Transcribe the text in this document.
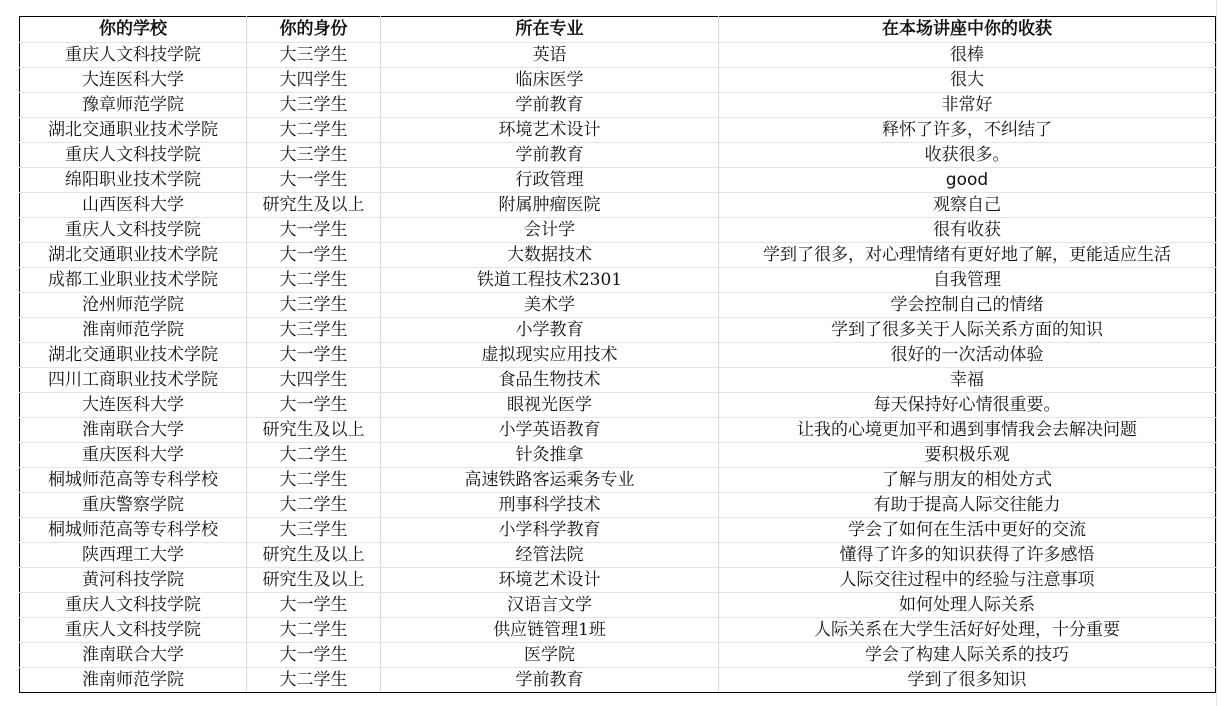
你的学校	你的身份	所在专业	在本场讲座中你的收获
重庆人文科技学院	大三学生	英语	很棒
大连医科大学	大四学生	临床医学	很大
豫章师范学院	大三学生	学前教育	非常好
湖北交通职业技术学院	大二学生	环境艺术设计	释怀了许多，不纠结了
重庆人文科技学院	大三学生	学前教育	收获很多。
绵阳职业技术学院	大一学生	行政管理	good
山西医科大学	研究生及以上	附属肿瘤医院	观察自己
重庆人文科技学院	大一学生	会计学	很有收获
湖北交通职业技术学院	大一学生	大数据技术	学到了很多，对心理情绪有更好地了解，更能适应生活
成都工业职业技术学院	大二学生	铁道工程技术2301	自我管理
沧州师范学院	大三学生	美术学	学会控制自己的情绪
淮南师范学院	大三学生	小学教育	学到了很多关于人际关系方面的知识
湖北交通职业技术学院	大一学生	虚拟现实应用技术	很好的一次活动体验
四川工商职业技术学院	大四学生	食品生物技术	幸福
大连医科大学	大一学生	眼视光医学	每天保持好心情很重要。
淮南联合大学	研究生及以上	小学英语教育	让我的心境更加平和遇到事情我会去解决问题
重庆医科大学	大二学生	针灸推拿	要积极乐观
桐城师范高等专科学校	大二学生	高速铁路客运乘务专业	了解与朋友的相处方式
重庆警察学院	大二学生	刑事科学技术	有助于提高人际交往能力
桐城师范高等专科学校	大三学生	小学科学教育	学会了如何在生活中更好的交流
陕西理工大学	研究生及以上	经管法院	懂得了许多的知识获得了许多感悟
黄河科技学院	研究生及以上	环境艺术设计	人际交往过程中的经验与注意事项
重庆人文科技学院	大一学生	汉语言文学	如何处理人际关系
重庆人文科技学院	大二学生	供应链管理1班	人际关系在大学生活好好处理，十分重要
淮南联合大学	大一学生	医学院	学会了构建人际关系的技巧
淮南师范学院	大二学生	学前教育	学到了很多知识
